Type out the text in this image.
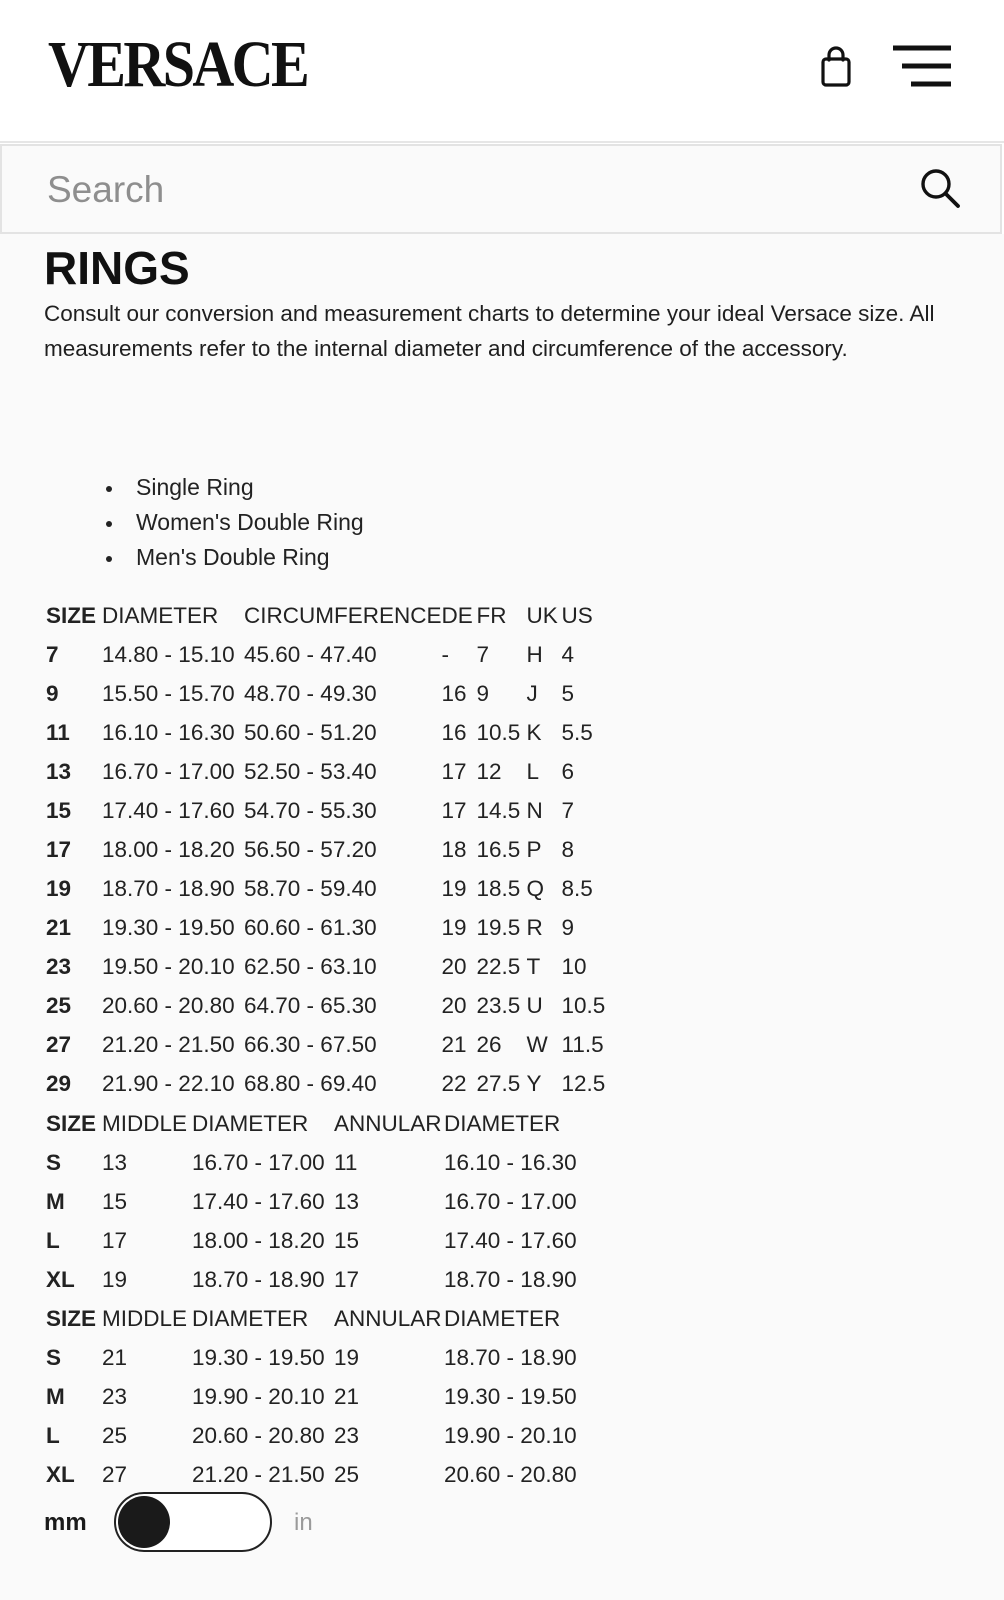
VERSACE
Search
RINGS

Consult our conversion and measurement charts to determine your ideal Versace size. All measurements refer to the internal diameter and circumference of the accessory.

Single Ring
Women's Double Ring
Men's Double Ring
SIZE	DIAMETER	CIRCUMFERENCE	DE	FR	UK	US
7	14.80 - 15.10	45.60 - 47.40	-	7	H	4
9	15.50 - 15.70	48.70 - 49.30	16	9	J	5
11	16.10 - 16.30	50.60 - 51.20	16	10.5	K	5.5
13	16.70 - 17.00	52.50 - 53.40	17	12	L	6
15	17.40 - 17.60	54.70 - 55.30	17	14.5	N	7
17	18.00 - 18.20	56.50 - 57.20	18	16.5	P	8
19	18.70 - 18.90	58.70 - 59.40	19	18.5	Q	8.5
21	19.30 - 19.50	60.60 - 61.30	19	19.5	R	9
23	19.50 - 20.10	62.50 - 63.10	20	22.5	T	10
25	20.60 - 20.80	64.70 - 65.30	20	23.5	U	10.5
27	21.20 - 21.50	66.30 - 67.50	21	26	W	11.5
29	21.90 - 22.10	68.80 - 69.40	22	27.5	Y	12.5
SIZE	MIDDLE	DIAMETER	ANNULAR	DIAMETER
S	13	16.70 - 17.00	11	16.10 - 16.30
M	15	17.40 - 17.60	13	16.70 - 17.00
L	17	18.00 - 18.20	15	17.40 - 17.60
XL	19	18.70 - 18.90	17	18.70 - 18.90
SIZE	MIDDLE	DIAMETER	ANNULAR	DIAMETER
S	21	19.30 - 19.50	19	18.70 - 18.90
M	23	19.90 - 20.10	21	19.30 - 19.50
L	25	20.60 - 20.80	23	19.90 - 20.10
XL	27	21.20 - 21.50	25	20.60 - 20.80
mm	in
